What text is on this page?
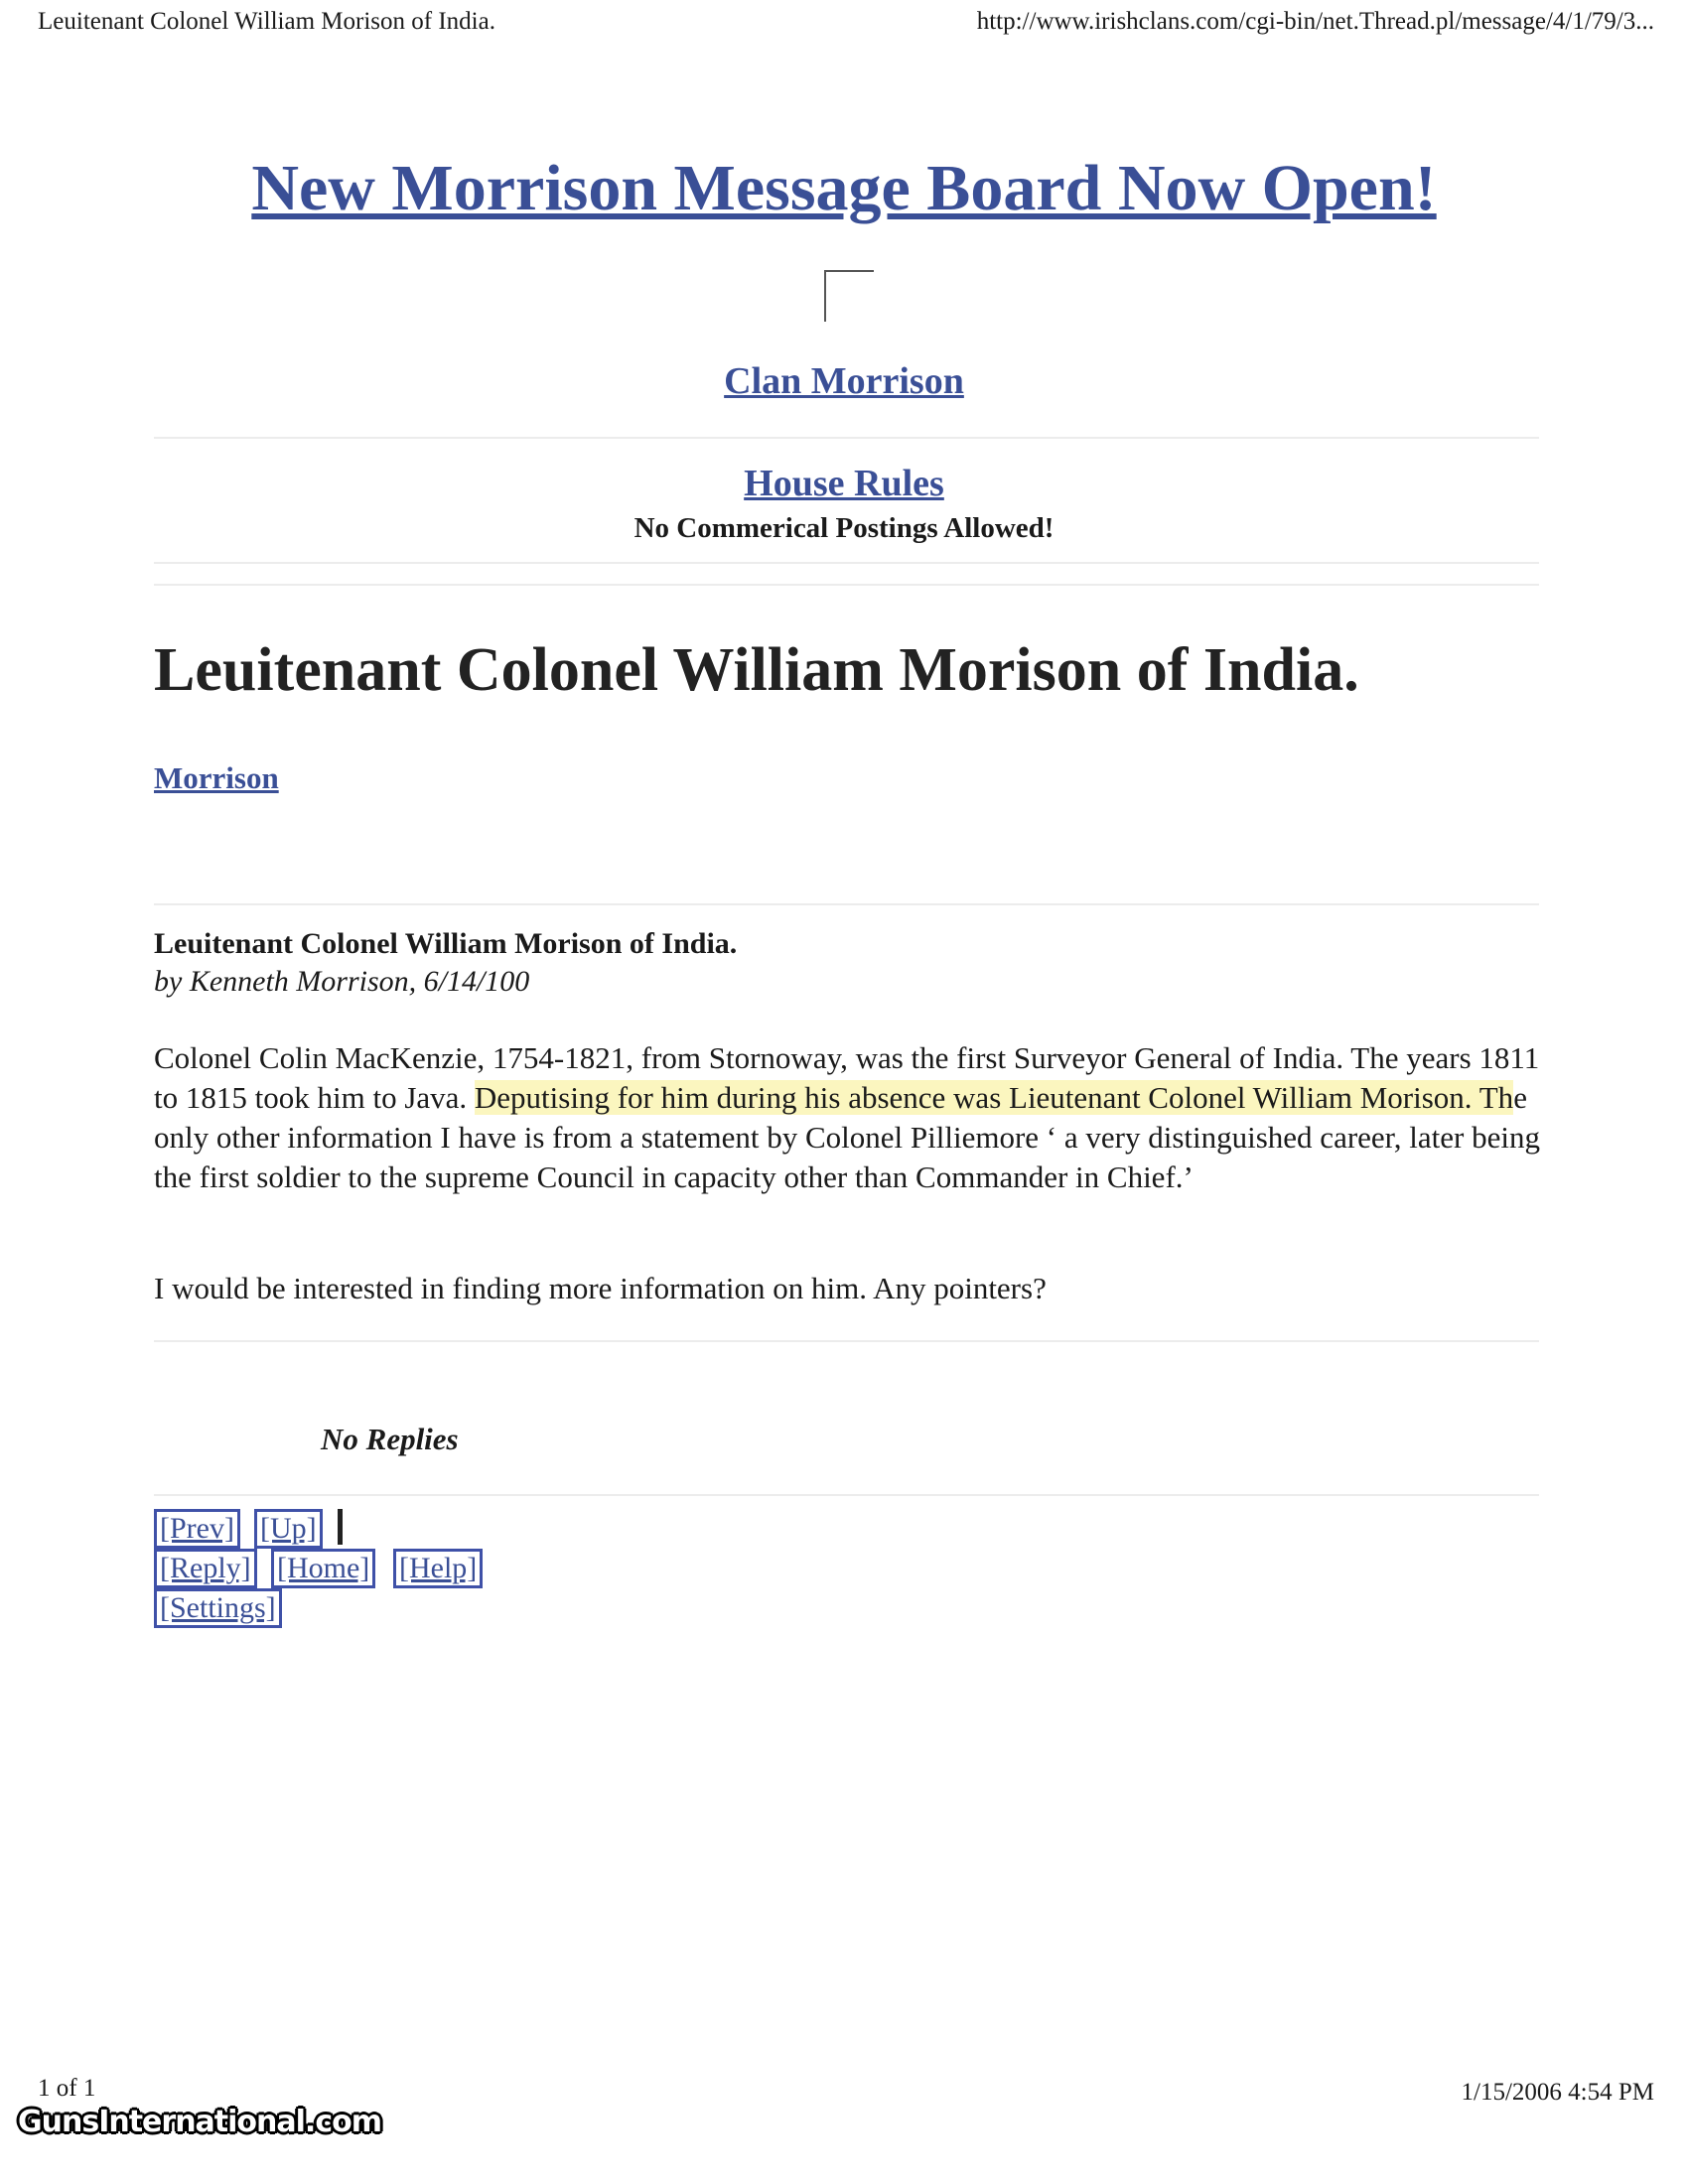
Leuitenant Colonel William Morison of India.	http://www.irishclans.com/cgi-bin/net.Thread.pl/message/4/1/79/3...
New Morrison Message Board Now Open!
Clan Morrison
House Rules
No Commerical Postings Allowed!
Leuitenant Colonel William Morison of India.
Morrison
Leuitenant Colonel William Morison of India.
by Kenneth Morrison, 6/14/100
Colonel Colin MacKenzie, 1754-1821, from Stornoway, was the first Surveyor General of India. The years 1811 to 1815 took him to Java. Deputising for him during his absence was Lieutenant Colonel William Morison. The only other information I have is from a statement by Colonel Pilliemore ‘ a very distinguished career, later being the first soldier to the supreme Council in capacity other than Commander in Chief.’
I would be interested in finding more information on him. Any pointers?
No Replies
[Prev] [Up]
[Reply] [Home] [Help]
[Settings]
1 of 1	1/15/2006 4:54 PM
GunsInternational.com
